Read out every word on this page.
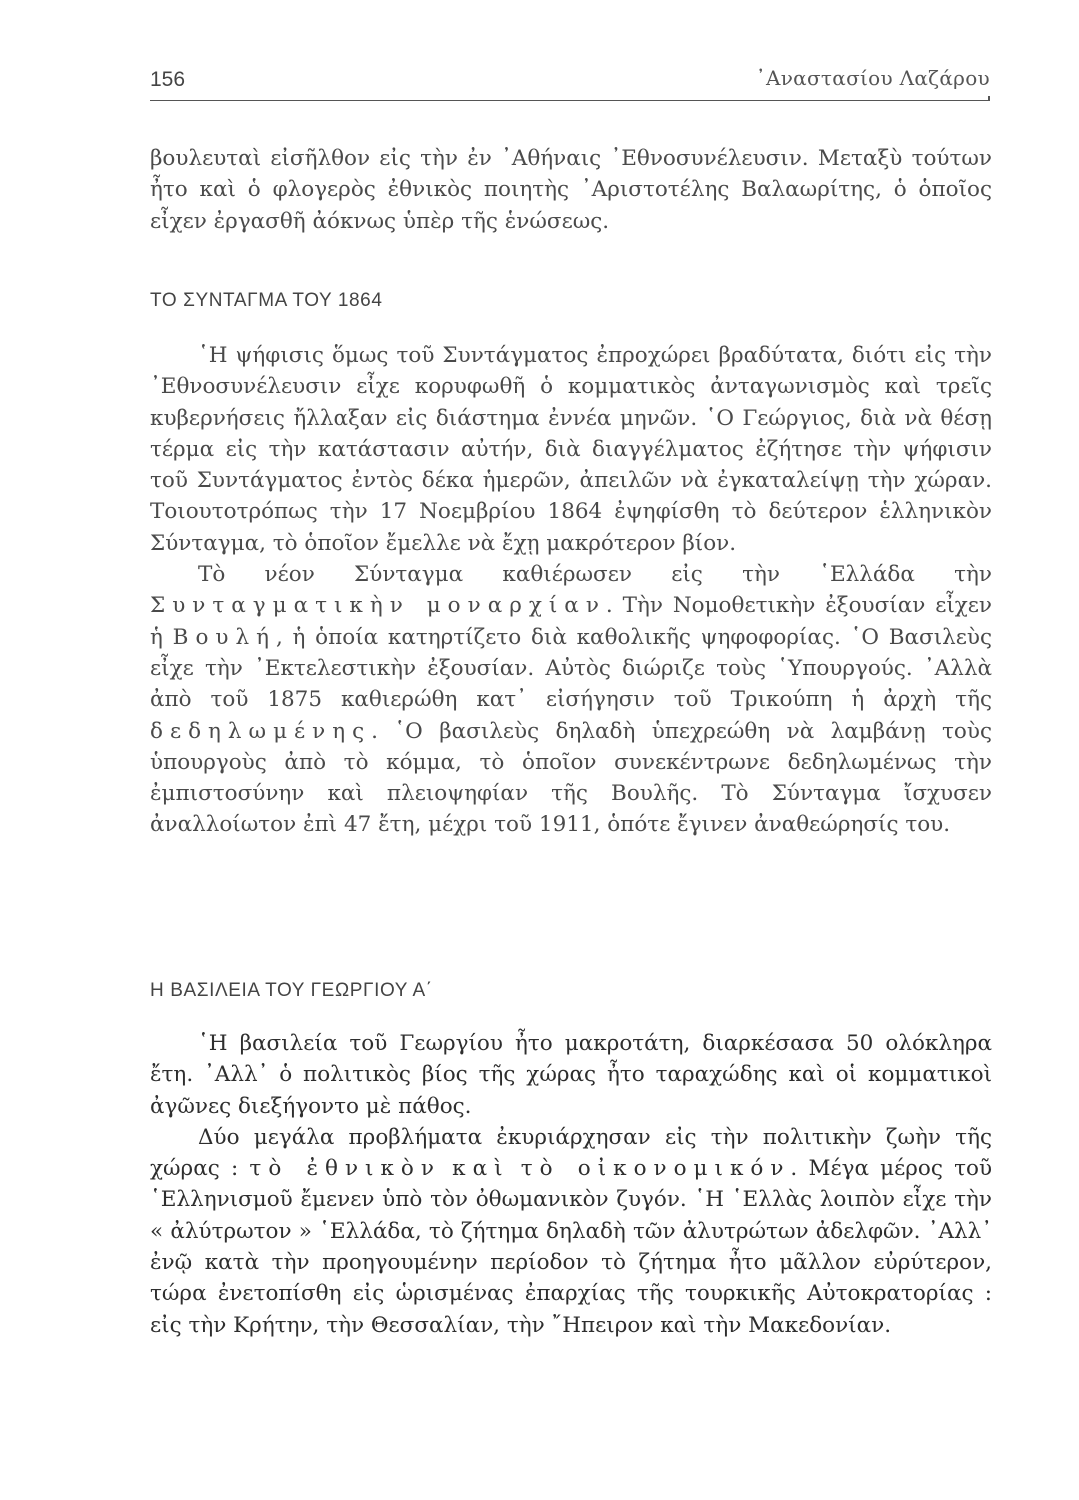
156	᾿Αναστασίου Λαζάρου

βουλευταὶ εἰσῆλθον εἰς τὴν ἐν ᾿Αθήναις ᾿Εθνοσυνέλευσιν. Μεταξὺ τούτων ἦτο καὶ ὁ φλογερὸς ἐθνικὸς ποιητὴς ᾿Αριστοτέλης Βαλαωρίτης, ὁ ὁποῖος εἶχεν ἐργασθῆ ἀόκνως ὑπὲρ τῆς ἑνώσεως.

ΤΟ ΣΥΝΤΑΓΜΑ ΤΟΥ 1864

῾Η ψήφισις ὅμως τοῦ Συντάγματος ἐπροχώρει βραδύτατα, διότι εἰς τὴν ᾿Εθνοσυνέλευσιν εἶχε κορυφωθῆ ὁ κομματικὸς ἀνταγωνισμὸς καὶ τρεῖς κυβερνήσεις ἤλλαξαν εἰς διάστημα ἐννέα μηνῶν. ῾Ο Γεώργιος, διὰ νὰ θέσῃ τέρμα εἰς τὴν κατάστασιν αὐτήν, διὰ διαγγέλματος ἐζήτησε τὴν ψήφισιν τοῦ Συντάγματος ἐντὸς δέκα ἡμερῶν, ἀπειλῶν νὰ ἐγκαταλείψῃ τὴν χώραν. Τοιουτοτρόπως τὴν 17 Νοεμβρίου 1864 ἐψηφίσθη τὸ δεύτερον ἑλληνικὸν Σύνταγμα, τὸ ὁποῖον ἔμελλε νὰ ἔχῃ μακρότερον βίον.

Τὸ νέον Σύνταγμα καθιέρωσεν εἰς τὴν ῾Ελλάδα τὴν Συνταγματικὴν μοναρχίαν. Τὴν Νομοθετικὴν ἐξουσίαν εἶχεν ἡ Βουλή, ἡ ὁποία κατηρτίζετο διὰ καθολικῆς ψηφοφορίας. ῾Ο Βασιλεὺς εἶχε τὴν ᾿Εκτελεστικὴν ἐξουσίαν. Αὐτὸς διώριζε τοὺς ῾Υπουργούς. ᾿Αλλὰ ἀπὸ τοῦ 1875 καθιερώθη κατ᾿ εἰσήγησιν τοῦ Τρικούπη ἡ ἀρχὴ τῆς δεδηλωμένης. ῾Ο βασιλεὺς δηλαδὴ ὑπεχρεώθη νὰ λαμβάνῃ τοὺς ὑπουργοὺς ἀπὸ τὸ κόμμα, τὸ ὁποῖον συνεκέντρωνε δεδηλωμένως τὴν ἐμπιστοσύνην καὶ πλειοψηφίαν τῆς Βουλῆς. Τὸ Σύνταγμα ἴσχυσεν ἀναλλοίωτον ἐπὶ 47 ἔτη, μέχρι τοῦ 1911, ὁπότε ἔγινεν ἀναθεώρησίς του.

Η ΒΑΣΙΛΕΙΑ ΤΟΥ ΓΕΩΡΓΙΟΥ Α΄

῾Η βασιλεία τοῦ Γεωργίου ἦτο μακροτάτη, διαρκέσασα 50 ολόκληρα ἔτη. ᾿Αλλ᾿ ὁ πολιτικὸς βίος τῆς χώρας ἦτο ταραχώδης καὶ οἱ κομματικοὶ ἀγῶνες διεξήγοντο μὲ πάθος.

Δύο μεγάλα προβλήματα ἐκυριάρχησαν εἰς τὴν πολιτικὴν ζωὴν τῆς χώρας : τὸ ἐθνικὸν καὶ τὸ οἰκονομικόν. Μέγα μέρος τοῦ ῾Ελληνισμοῦ ἔμενεν ὑπὸ τὸν ὀθωμανικὸν ζυγόν. ῾Η ῾Ελλὰς λοιπὸν εἶχε τὴν « ἀλύτρωτον » ῾Ελλάδα, τὸ ζήτημα δηλαδὴ τῶν ἀλυτρώτων ἀδελφῶν. ᾿Αλλ᾿ ἐνῷ κατὰ τὴν προηγουμένην περίοδον τὸ ζήτημα ἦτο μᾶλλον εὐρύτερον, τώρα ἐνετοπίσθη εἰς ὡρισμένας ἐπαρχίας τῆς τουρκικῆς Αὐτοκρατορίας : εἰς τὴν Κρήτην, τὴν Θεσσαλίαν, τὴν ῎Ηπειρον καὶ τὴν Μακεδονίαν.
